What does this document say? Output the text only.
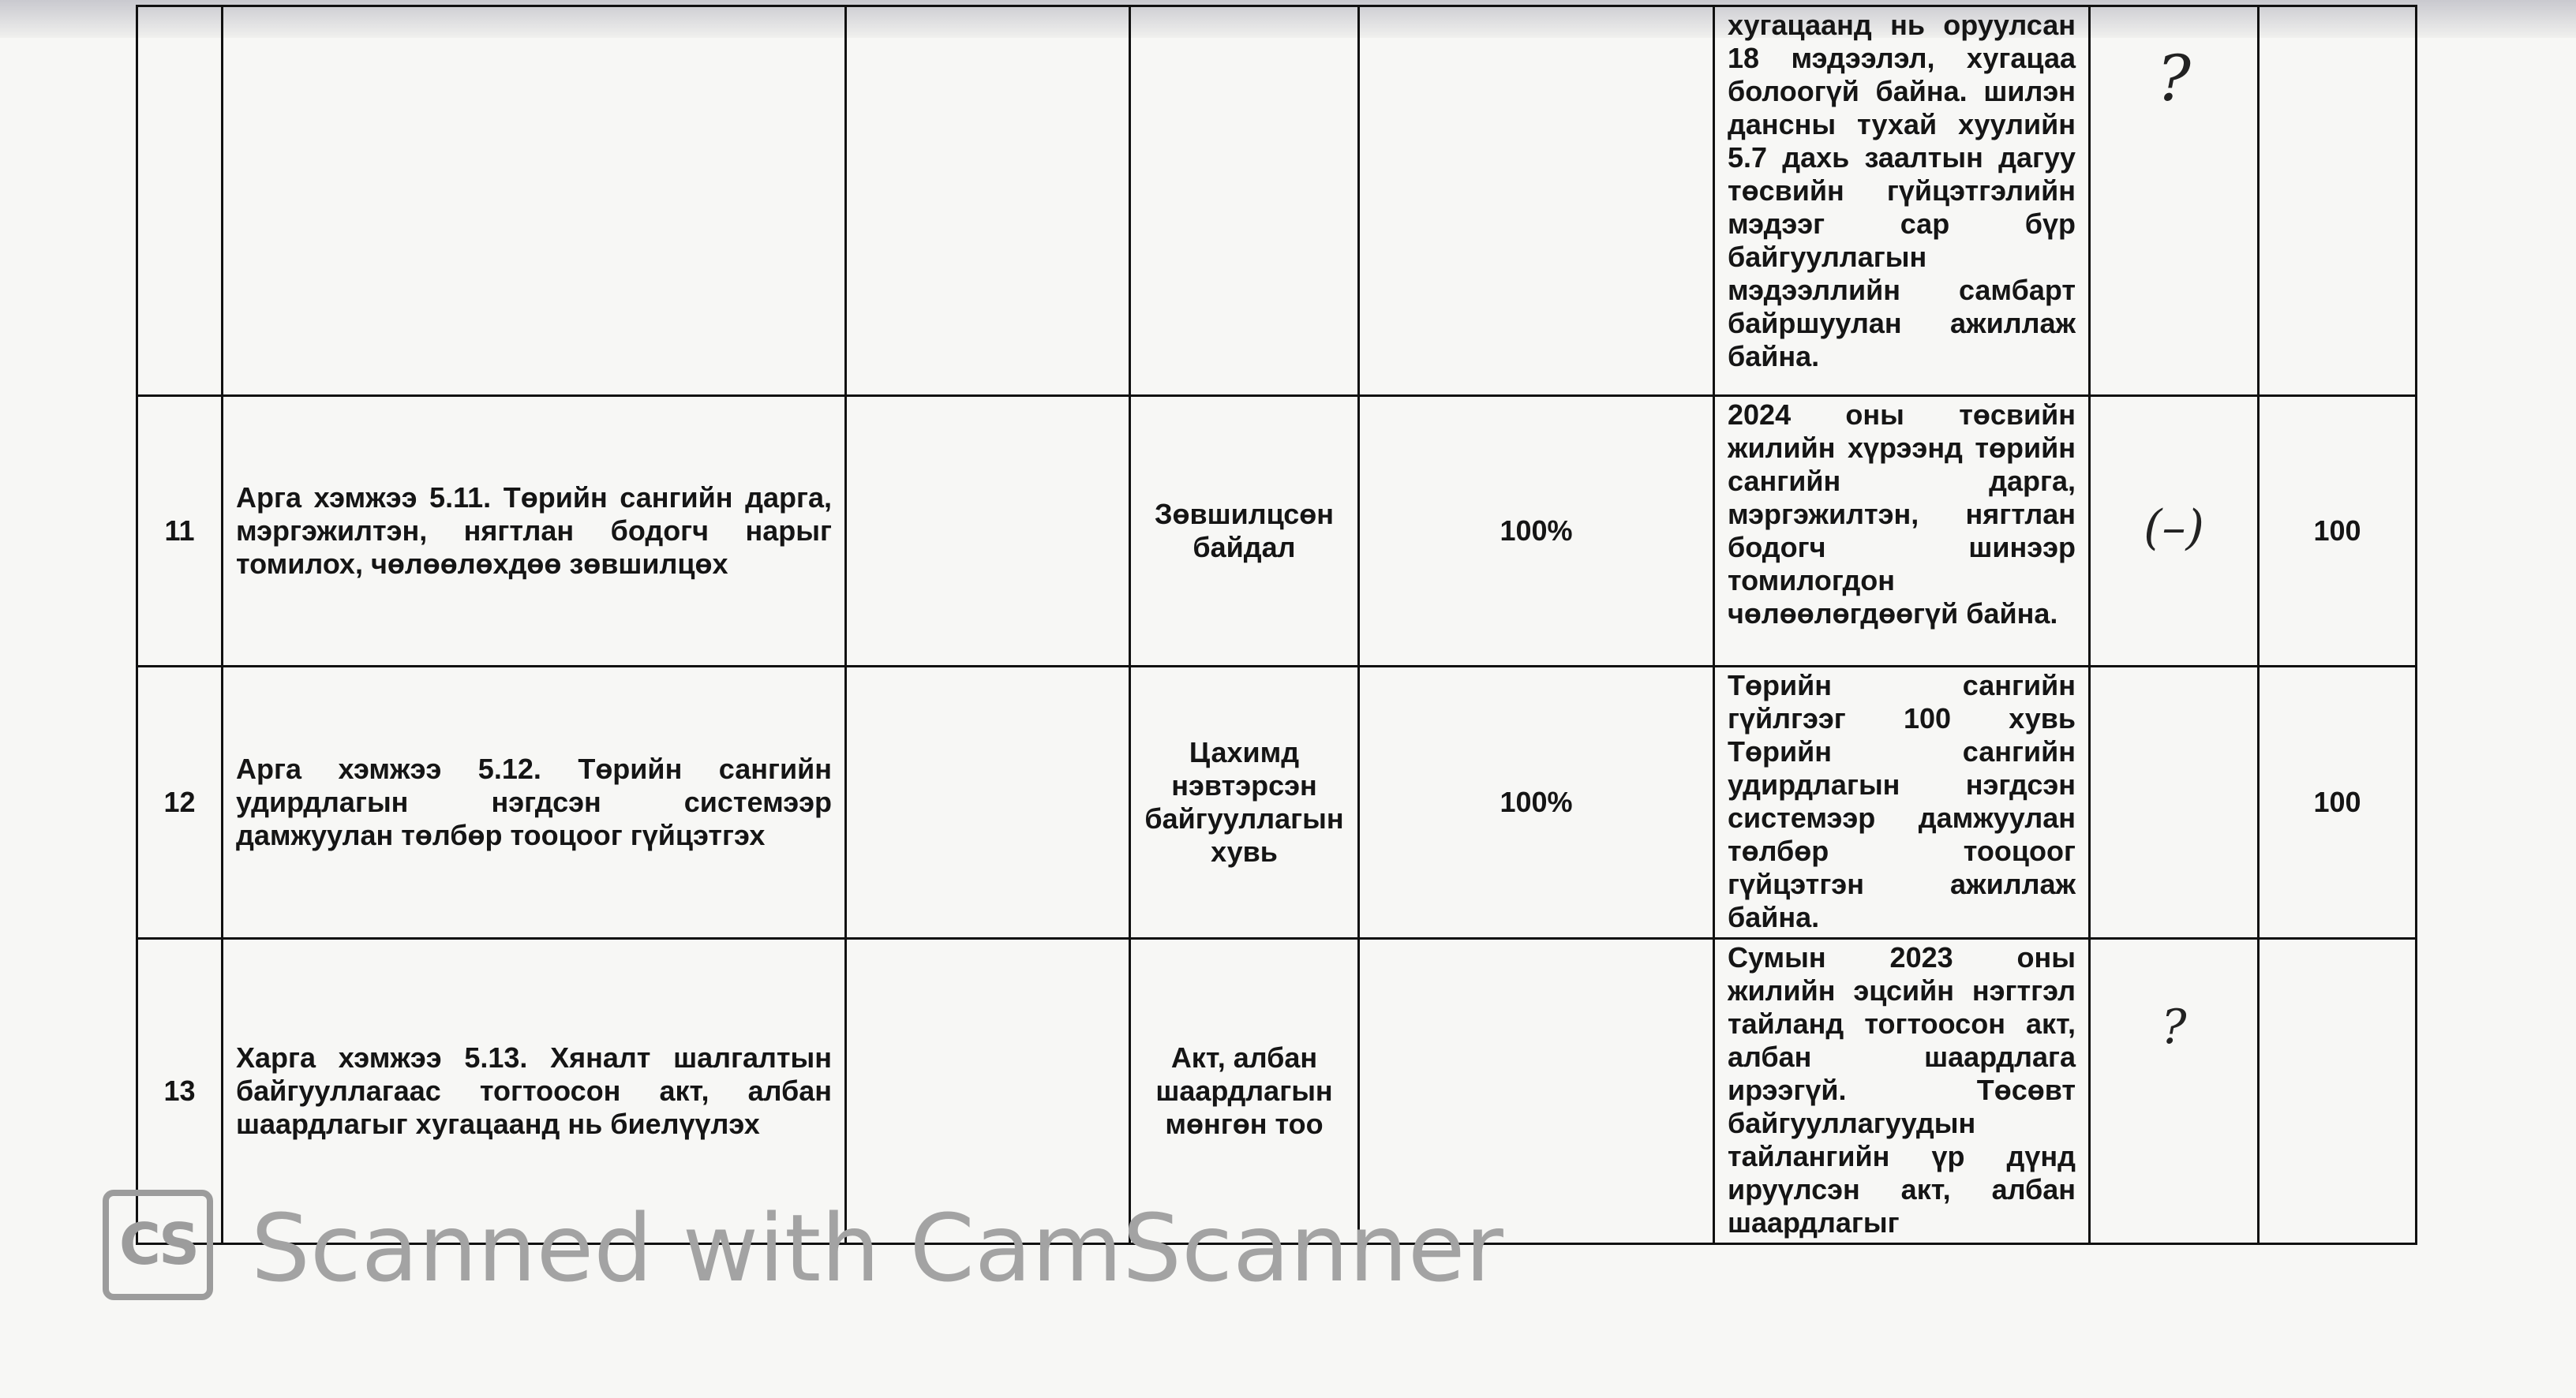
					хугацаанд нь оруулсан 18 мэдээлэл, хугацаа болоогүй байна. шилэн дансны тухай хуулийн 5.7 дахь заалтын дагуу төсвийн гүйцэтгэлийн мэдээг сар бүр байгууллагын мэдээллийн самбарт байршуулан ажиллаж байна.	?	
11	Арга хэмжээ 5.11. Төрийн сангийн дарга, мэргэжилтэн, нягтлан бодогч нарыг томилох, чөлөөлөхдөө зөвшилцөх		Зөвшилцсөн байдал	100%	2024 оны төсвийн жилийн хүрээнд төрийн сангийн дарга, мэргэжилтэн, нягтлан бодогч шинээр томилогдон чөлөөлөгдөөгүй байна.	(–)	100
12	Арга хэмжээ 5.12. Төрийн сангийн удирдлагын нэгдсэн системээр дамжуулан төлбөр тооцоог гүйцэтгэх		Цахимд нэвтэрсэн байгууллагын хувь	100%	Төрийн сангийн гүйлгээг 100 хувь Төрийн сангийн удирдлагын нэгдсэн системээр дамжуулан төлбөр тооцоог гүйцэтгэн ажиллаж байна.		100
13	Харга хэмжээ 5.13. Хяналт шалгалтын байгууллагаас тогтоосон акт, албан шаардлагыг хугацаанд нь биелүүлэх		Акт, албан шаардлагын мөнгөн тоо		Сумын 2023 оны жилийн эцсийн нэгтгэл тайланд тогтоосон акт, албан шаардлага ирээгүй. Төсөвт байгууллагуудын тайлангийн үр дүнд ируүлсэн акт, албан шаардлагыг	?	
CS Scanned with CamScanner
